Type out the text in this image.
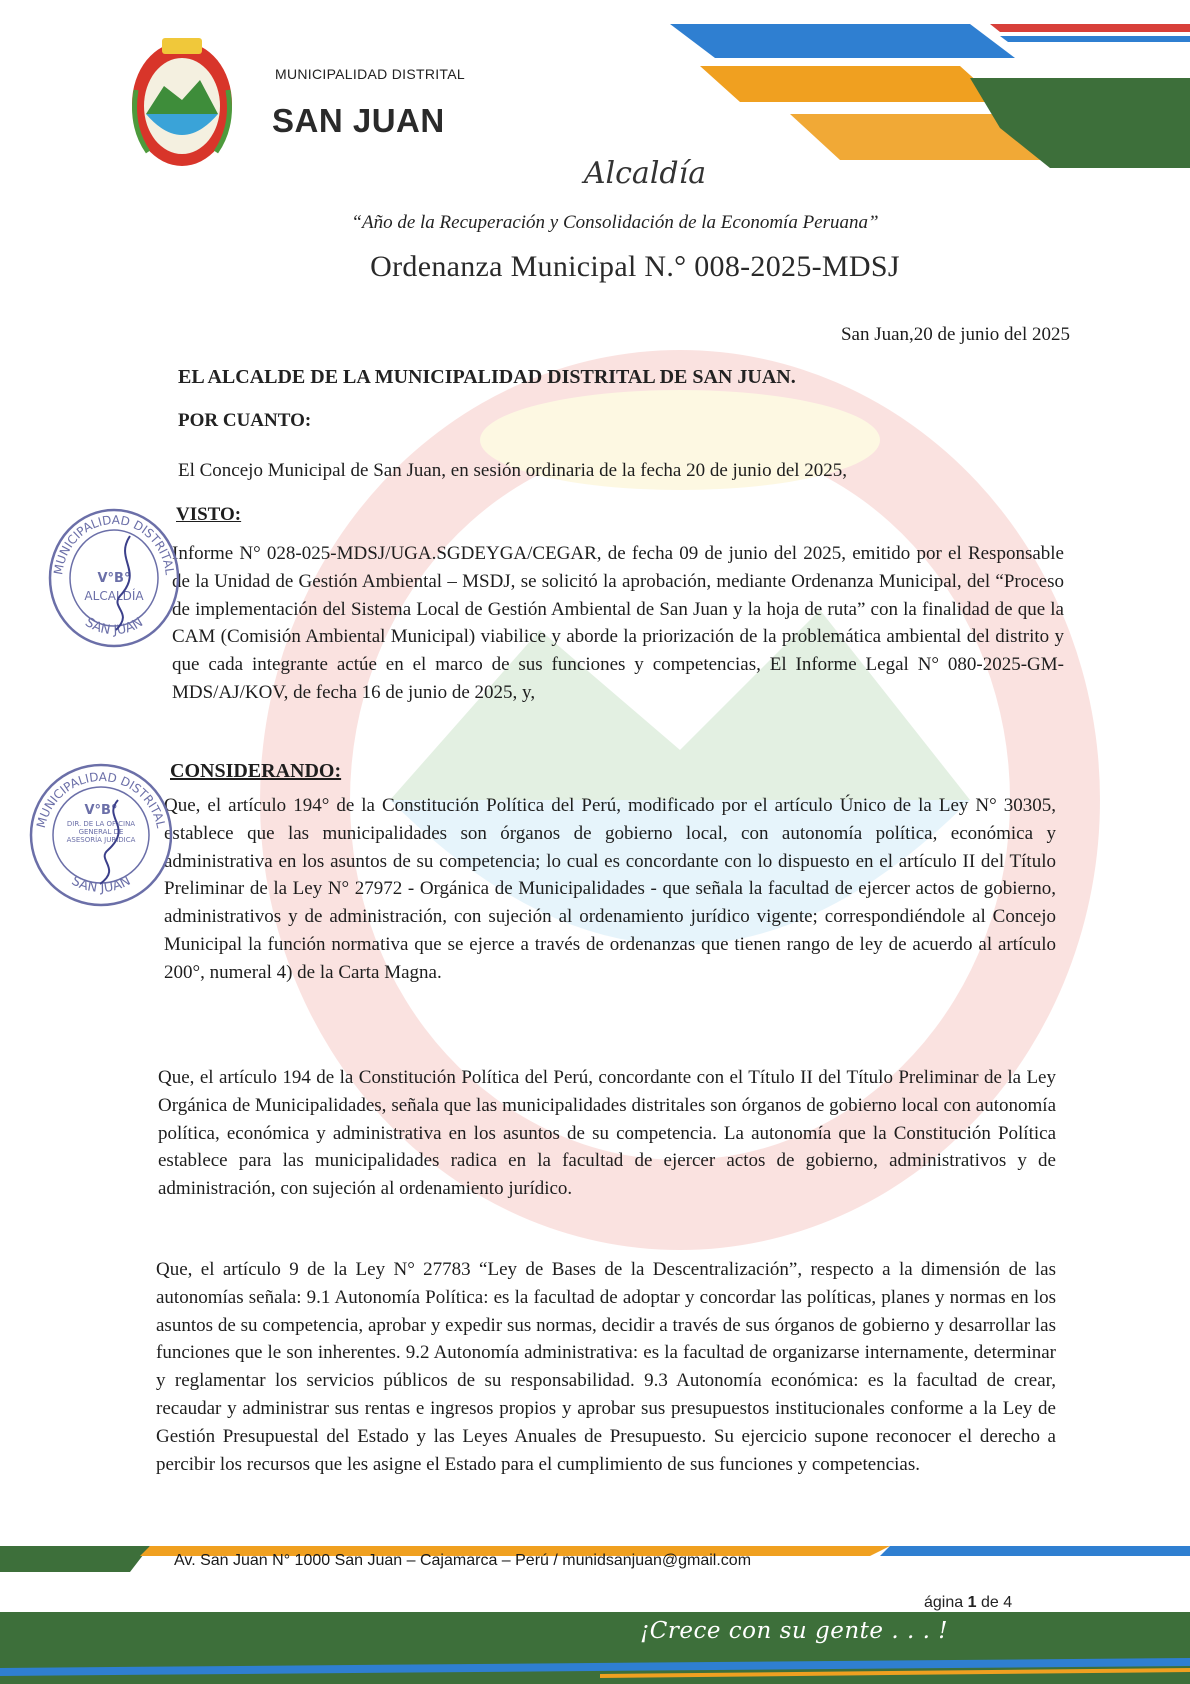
MUNICIPALIDAD DISTRITAL
SAN JUAN
Alcaldía
“Año de la Recuperación y Consolidación de la Economía Peruana”
Ordenanza Municipal N.° 008-2025-MDSJ
San Juan,20 de junio del 2025
EL ALCALDE DE LA MUNICIPALIDAD DISTRITAL DE SAN JUAN.
POR CUANTO:
El Concejo Municipal de San Juan, en sesión ordinaria de la fecha 20 de junio del 2025,
VISTO:

Informe N° 028-025-MDSJ/UGA.SGDEYGA/CEGAR, de fecha 09 de junio del 2025, emitido por el Responsable de la Unidad de Gestión Ambiental – MSDJ, se solicitó la aprobación, mediante Ordenanza Municipal, del “Proceso de implementación del Sistema Local de Gestión Ambiental de San Juan y la hoja de ruta” con la finalidad de que la CAM (Comisión Ambiental Municipal) viabilice y aborde la priorización de la problemática ambiental del distrito y que cada integrante actúe en el marco de sus funciones y competencias, El Informe Legal N° 080-2025-GM-MDS/AJ/KOV, de fecha 16 de junio de 2025, y,

CONSIDERANDO:

Que, el artículo 194° de la Constitución Política del Perú, modificado por el artículo Único de la Ley N° 30305, establece que las municipalidades son órganos de gobierno local, con autonomía política, económica y administrativa en los asuntos de su competencia; lo cual es concordante con lo dispuesto en el artículo II del Título Preliminar de la Ley N° 27972 - Orgánica de Municipalidades - que señala la facultad de ejercer actos de gobierno, administrativos y de administración, con sujeción al ordenamiento jurídico vigente; correspondiéndole al Concejo Municipal la función normativa que se ejerce a través de ordenanzas que tienen rango de ley de acuerdo al artículo 200°, numeral 4) de la Carta Magna.

Que, el artículo 194 de la Constitución Política del Perú, concordante con el Título II del Título Preliminar de la Ley Orgánica de Municipalidades, señala que las municipalidades distritales son órganos de gobierno local con autonomía política, económica y administrativa en los asuntos de su competencia. La autonomía que la Constitución Política establece para las municipalidades radica en la facultad de ejercer actos de gobierno, administrativos y de administración, con sujeción al ordenamiento jurídico.

Que, el artículo 9 de la Ley N° 27783 “Ley de Bases de la Descentralización”, respecto a la dimensión de las autonomías señala: 9.1 Autonomía Política: es la facultad de adoptar y concordar las políticas, planes y normas en los asuntos de su competencia, aprobar y expedir sus normas, decidir a través de sus órganos de gobierno y desarrollar las funciones que le son inherentes. 9.2 Autonomía administrativa: es la facultad de organizarse internamente, determinar y reglamentar los servicios públicos de su responsabilidad. 9.3 Autonomía económica: es la facultad de crear, recaudar y administrar sus rentas e ingresos propios y aprobar sus presupuestos institucionales conforme a la Ley de Gestión Presupuestal del Estado y las Leyes Anuales de Presupuesto. Su ejercicio supone reconocer el derecho a percibir los recursos que les asigne el Estado para el cumplimiento de sus funciones y competencias.

MUNICIPALIDAD DISTRITAL
V°B°
ALCALDÍA
SAN JUAN
MUNICIPALIDAD DISTRITAL
V°B°
DIR. DE LA OFICINA GENERAL DE ASESORÍA JURÍDICA
SAN JUAN
Av. San Juan N° 1000 San Juan – Cajamarca – Perú / munidsanjuan@gmail.com
ágina 1 de 4
¡Crece con su gente . . . !
